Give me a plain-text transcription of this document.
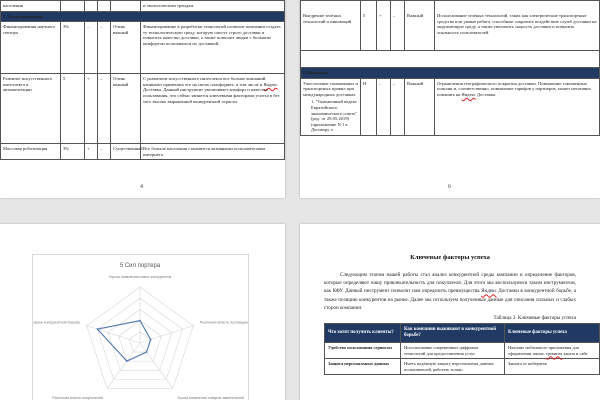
населения					и экологическим трендам.
Т Технологические					
Финансирования научного сектора	3%	–	–	Очень важный	Финансирование в разработки технологий позволит компании создать ту технологическую среду, которую смогут строго доставки и повысить качество доставки, а также позволит людям с большим комфортом пользоваться их доставкой.
Развитие искусственного интеллекта и автоматизации	5	+	–	Очень важный	С развитием искусственного интеллекта все больше компаний начинают применять его на своих платформах, в том числе и Яндекс Доставка. Данный инструмент увеличивает комфорт и качество пользования, что сейчас является ключевыми факторами успеха в без того высоко выраженной конкурентной отрасли.
Массовая роботизация	3%	+	–	Существенный	Все больше населения становится активными пользователями интернета
4
Внедрение зелёных технологий и инноваций	5	+	–	Важный	Использование зелёных технологий, таких как электрические транспортные средства или умные ребята, способные сократить воздействие служб доставки на окружающую среду, а также увеличить скорость доставки и повысить лояльность пользователей.

L Правовые					

Ужесточение таможенных и транспортных правил при международных доставках
1. "Таможенный кодекс Евразийского экономического союза" (ред. от 29.05.2019) (приложение N 1 к Договору о	H	–	–	Важный	Ограничения географического покрытия доставки. Повышение таможенных пошлин и, соответственно, повышение тарифов у партнеров, может негативно повлиять на Яндекс Доставка.
6
5 Сил портера
Угроза появления новых конкурентов
Рыночная власть поставщиков
Угроза появления товаров-заменителей
Рыночная власть покупателей
Уровень конкурентной борьбы
Ключевые факторы успеха
Следующим этапом нашей работы стал анализ конкурентной среды компании и определение факторов, которые определяют нашу привлекательность для покупателя. Для этого мы воспользуемся таким инструментом, как КФУ. Данный инструмент позволит нам определить преимущества Яндекс Доставки в конкурентной борьбе, а также позицию конкурентов на рынке. Далее мы используем полученные данные для описания сильных и слабых сторон компании.
Таблица 3. Ключевые факторы успеха
Что хотят получить клиенты?	Как компании выживают в конкурентной борьбе?	Ключевые факторы успеха
Удобство пользования сервисом	Использование современных цифровых технологий для предоставления услуг	Наличие мобильного приложения для оформления заказа, трекинга заказа и сайт
Защита персональных данных	Иметь надёжную защиту персональных данных пользователей, работать только	Защита от кибератак
